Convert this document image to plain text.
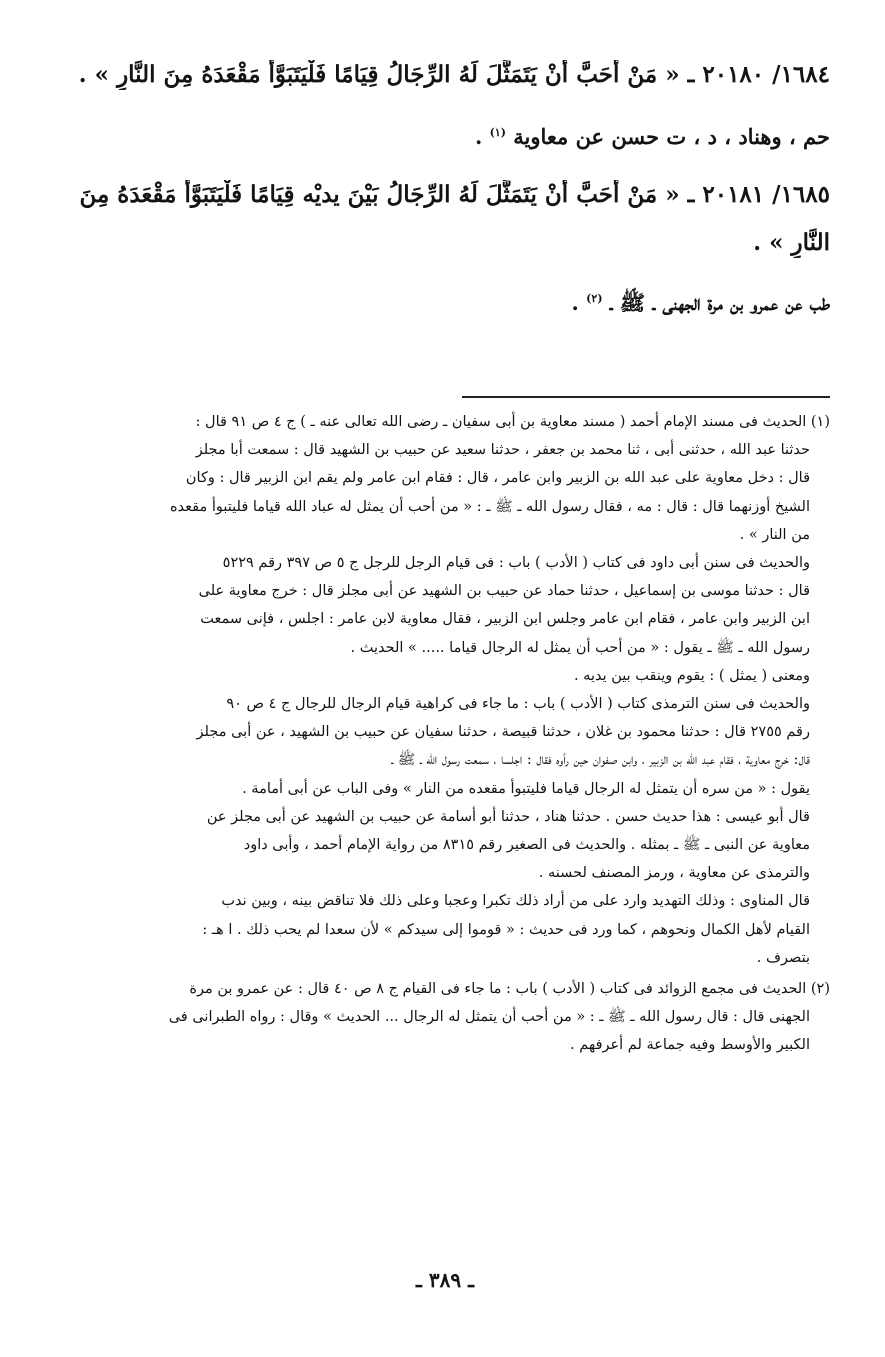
١٦٨٤/ ٢٠١٨٠ ـ « مَنْ أَحَبَّ أَنْ يَتَمَثَّلَ لَهُ الرِّجَالُ قِيَامًا فَلْيَتَبَوَّأْ مَقْعَدَهُ مِنَ النَّارِ » .
حم ، وهناد ، د ، ت حسن عن معاوية $^{(١)}$ .
١٦٨٥/ ٢٠١٨١ ـ « مَنْ أَحَبَّ أَنْ يَتَمَثَّلَ لَهُ الرِّجَالُ بَيْنَ يديْه قِيَامًا فَلْيَتَبَوَّأْ مَقْعَدَهُ مِنَ
النَّارِ » .
طب عن عمرو بن مرة الجهنى ـ ﷺ ـ $^{(٢)}$ .
(١) الحديث فى مسند الإمام أحمد ( مسند معاوية بن أبى سفيان ـ رضى الله تعالى عنه ـ ) ج ٤ ص ٩١ قال :
حدثنا عبد الله ، حدثنى أبى ، ثنا محمد بن جعفر ، حدثنا سعيد عن حبيب بن الشهيد قال : سمعت أبا مجلز
قال : دخل معاوية على عبد الله بن الزبير وابن عامر ، قال : فقام ابن عامر ولم يقم ابن الزبير قال : وكان
الشيخ أوزنهما قال : قال : مه ، فقال رسول الله ـ ﷺ ـ : « من أحب أن يمثل له عباد الله قياما فليتبوأ مقعده
من النار » .
والحديث فى سنن أبى داود فى كتاب ( الأدب ) باب : فى قيام الرجل للرجل ج ٥ ص ٣٩٧ رقم ٥٢٢٩
قال : حدثنا موسى بن إسماعيل ، حدثنا حماد عن حبيب بن الشهيد عن أبى مجلز قال : خرج معاوية على
ابن الزبير وابن عامر ، فقام ابن عامر وجلس ابن الزبير ، فقال معاوية لابن عامر : اجلس ، فإنى سمعت
رسول الله ـ ﷺ ـ يقول : « من أحب أن يمثل له الرجال قياما ..... » الحديث .
ومعنى ( يمثل ) : يقوم وينقب بين يديه .
والحديث فى سنن الترمذى كتاب ( الأدب ) باب : ما جاء فى كراهية قيام الرجال للرجال ج ٤ ص ٩٠
رقم ٢٧٥٥ قال : حدثنا محمود بن غلان ، حدثنا قبيصة ، حدثنا سفيان عن حبيب بن الشهيد ، عن أبى مجلز
قال: خرج معاوية ، فقام عبد الله بن الزبير ، وابن صفوان حين رأوه فقال : اجلسا ، سمعت رسول الله ـ ﷺ ـ
يقول : « من سره أن يتمثل له الرجال قياما فليتبوأ مقعده من النار » وفى الباب عن أبى أمامة .
قال أبو عيسى : هذا حديث حسن . حدثنا هناد ، حدثنا أبو أسامة عن حبيب بن الشهيد عن أبى مجلز عن
معاوية عن النبى ـ ﷺ ـ بمثله . والحديث فى الصغير رقم ٨٣١٥ من رواية الإمام أحمد ، وأبى داود
والترمذى عن معاوية ، ورمز المصنف لحسنه .
قال المناوى : وذلك التهديد وارد على من أراد ذلك تكبرا وعجبا وعلى ذلك فلا تناقض بينه ، وبين ندب
القيام لأهل الكمال ونحوهم ، كما ورد فى حديث : « قوموا إلى سيدكم » لأن سعدا لم يحب ذلك . ا هـ :
بتصرف .
(٢) الحديث فى مجمع الزوائد فى كتاب ( الأدب ) باب : ما جاء فى القيام ج ٨ ص ٤٠ قال : عن عمرو بن مرة
الجهنى قال : قال رسول الله ـ ﷺ ـ : « من أحب أن يتمثل له الرجال ... الحديث » وقال : رواه الطبرانى فى
الكبير والأوسط وفيه جماعة لم أعرفهم .
ـ ٣٨٩ ـ
